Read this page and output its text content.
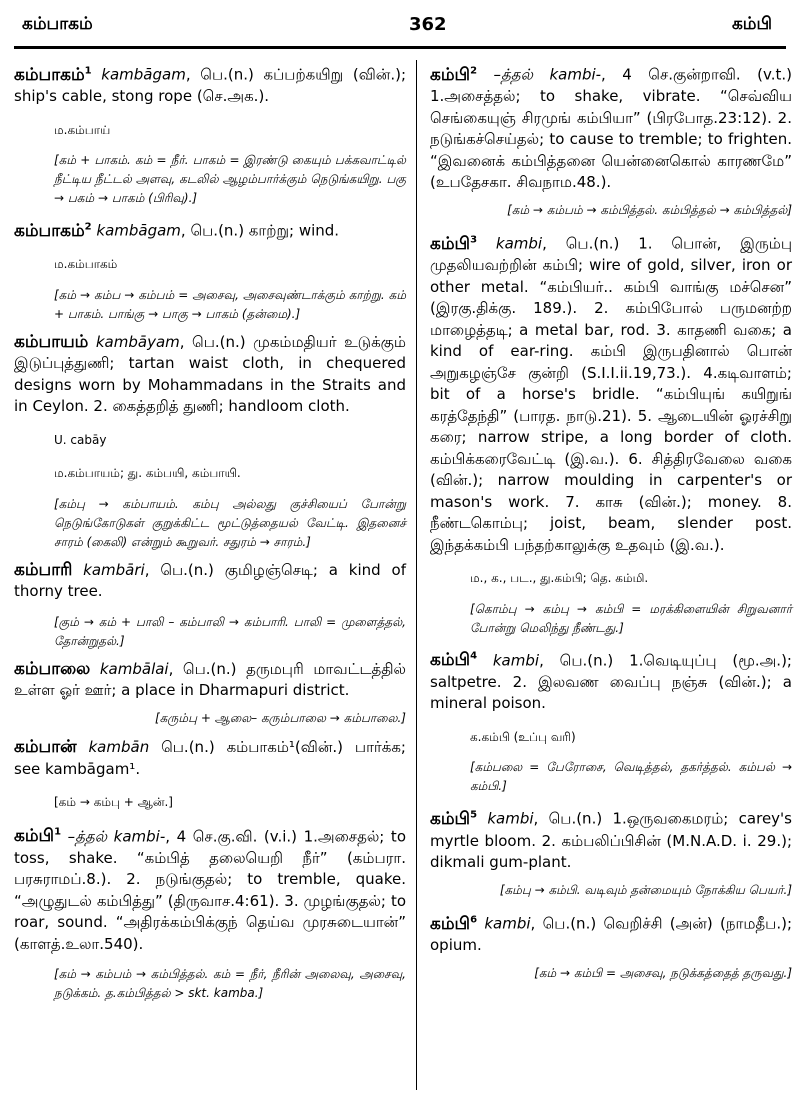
கம்பாகம்	362	கம்பி

கம்பாகம்$^1$ kambāgam, பெ.(n.) கப்பற்கயிறு (வின்.); ship's cable, stong rope (செ.அக.).

ம.கம்பாய்
[கம் + பாகம். கம் = நீர். பாகம் = இரண்டு கையும் பக்கவாட்டில் நீட்டிய நீட்டல் அளவு, கடலில் ஆழம்பார்க்கும் நெடுங்கயிறு. பகு → பகம் → பாகம் (பிரிவு).]

கம்பாகம்$^2$ kambāgam, பெ.(n.) காற்று; wind.

ம.கம்பாகம்
[கம் → கம்ப → கம்பம் = அசைவு, அசைவுண்டாக்கும் காற்று. கம் + பாகம். பாங்கு → பாகு → பாகம் (தன்மை).]

கம்பாயம் kambāyam, பெ.(n.) முகம்மதியர் உடுக்கும் இடுப்புத்துணி; tartan waist cloth, in chequered designs worn by Mohammadans in the Straits and in Ceylon. 2. கைத்தறித் துணி; handloom cloth.

U. cabāy
ம.கம்பாயம்; து. கம்பயி, கம்பாயி.
[கம்பு → கம்பாயம். கம்பு அல்லது குச்சியைப் போன்று நெடுங்கோடுகள் குறுக்கிட்ட மூட்டுத்தையல் வேட்டி. இதனைச் சாரம் (கைலி) என்றும் கூறுவர். சதுரம் → சாரம்.]

கம்பாரி kambāri, பெ.(n.) குமிழஞ்செடி; a kind of thorny tree.

[கும் → கம் + பாலி – கம்பாலி → கம்பாரி. பாலி = முளைத்தல், தோன்றுதல்.]

கம்பாலை kambālai, பெ.(n.) தருமபுரி மாவட்டத்தில் உள்ள ஓர் ஊர்; a place in Dharmapuri district.

[கரும்பு + ஆலை– கரும்பாலை → கம்பாலை.]

கம்பான் kambān பெ.(n.) கம்பாகம்¹(வின்.) பார்க்க; see kambāgam¹.

[கம் → கம்பு + ஆன்.]

கம்பி$^1$ –த்தல் kambi-, 4 செ.கு.வி. (v.i.) 1.அசைதல்; to toss, shake. “கம்பித் தலையெறி நீர்” (கம்பரா. பரசுராமப்.8.). 2. நடுங்குதல்; to tremble, quake. “அழுதுடல் கம்பித்து” (திருவாச.4:61). 3. முழங்குதல்; to roar, sound. “அதிரக்கம்பிக்குந் தெய்வ முரசுடையான்” (காளத்.உலா.540).

[கம் → கம்பம் → கம்பித்தல். கம் = நீர், நீரின் அலைவு, அசைவு, நடுக்கம். த.கம்பித்தல் > skt. kamba.]

கம்பி$^2$ –த்தல் kambi-, 4 செ.குன்றாவி. (v.t.) 1.அசைத்தல்; to shake, vibrate. “செவ்விய செங்கையுஞ் சிரமுங் கம்பியா” (பிரபோத.23:12). 2. நடுங்கச்செய்தல்; to cause to tremble; to frighten. “இவனைக் கம்பித்தனை யென்னைகொல் காரணமே” (உபதேசகா. சிவநாம.48.).

[கம் → கம்பம் → கம்பித்தல். கம்பித்தல் → கம்பித்தல்]

கம்பி$^3$ kambi, பெ.(n.) 1. பொன், இரும்பு முதலியவற்றின் கம்பி; wire of gold, silver, iron or other metal. “கம்பியர்.. கம்பி வாங்கு மச்சென” (இரகு.திக்கு. 189.). 2. கம்பிபோல் பருமனற்ற மாழைத்தடி; a metal bar, rod. 3. காதணி வகை; a kind of ear-ring. கம்பி இருபதினால் பொன் அறுகழஞ்சே குன்றி (S.I.I.ii.19,73.). 4.கடிவாளம்; bit of a horse's bridle. “கம்பியுங் கயிறுங் கரத்தேந்தி” (பாரத. நாடு.21). 5. ஆடையின் ஓரச்சிறு கரை; narrow stripe, a long border of cloth. கம்பிக்கரைவேட்டி (இ.வ.). 6. சித்திரவேலை வகை (வின்.); narrow moulding in carpenter's or mason's work. 7. காசு (வின்.); money. 8. நீண்டகொம்பு; joist, beam, slender post. இந்தக்கம்பி பந்தற்காலுக்கு உதவும் (இ.வ.).

ம., க., பட., து.கம்பி; தெ. கம்மி.
[கொம்பு → கம்பு → கம்பி = மரக்கிளையின் சிறுவனார் போன்று மெலிந்து நீண்டது.]

கம்பி$^4$ kambi, பெ.(n.) 1.வெடியுப்பு (மூ.அ.); saltpetre. 2. இலவண வைப்பு நஞ்சு (வின்.); a mineral poison.

க.கம்பி (உப்பு வரி)
[கம்பலை = பேரோசை, வெடித்தல், தகர்த்தல். கம்பல் → கம்பி.]

கம்பி$^5$ kambi, பெ.(n.) 1.ஒருவகைமரம்; carey's myrtle bloom. 2. கம்பலிப்பிசின் (M.N.A.D. i. 29.); dikmali gum-plant.

[கம்பு → கம்பி. வடிவும் தன்மையும் நோக்கிய பெயர்.]

கம்பி$^6$ kambi, பெ.(n.) வெறிச்சி (அன்) (நாமதீப.); opium.

[கம் → கம்பி = அசைவு, நடுக்கத்தைத் தருவது.]
